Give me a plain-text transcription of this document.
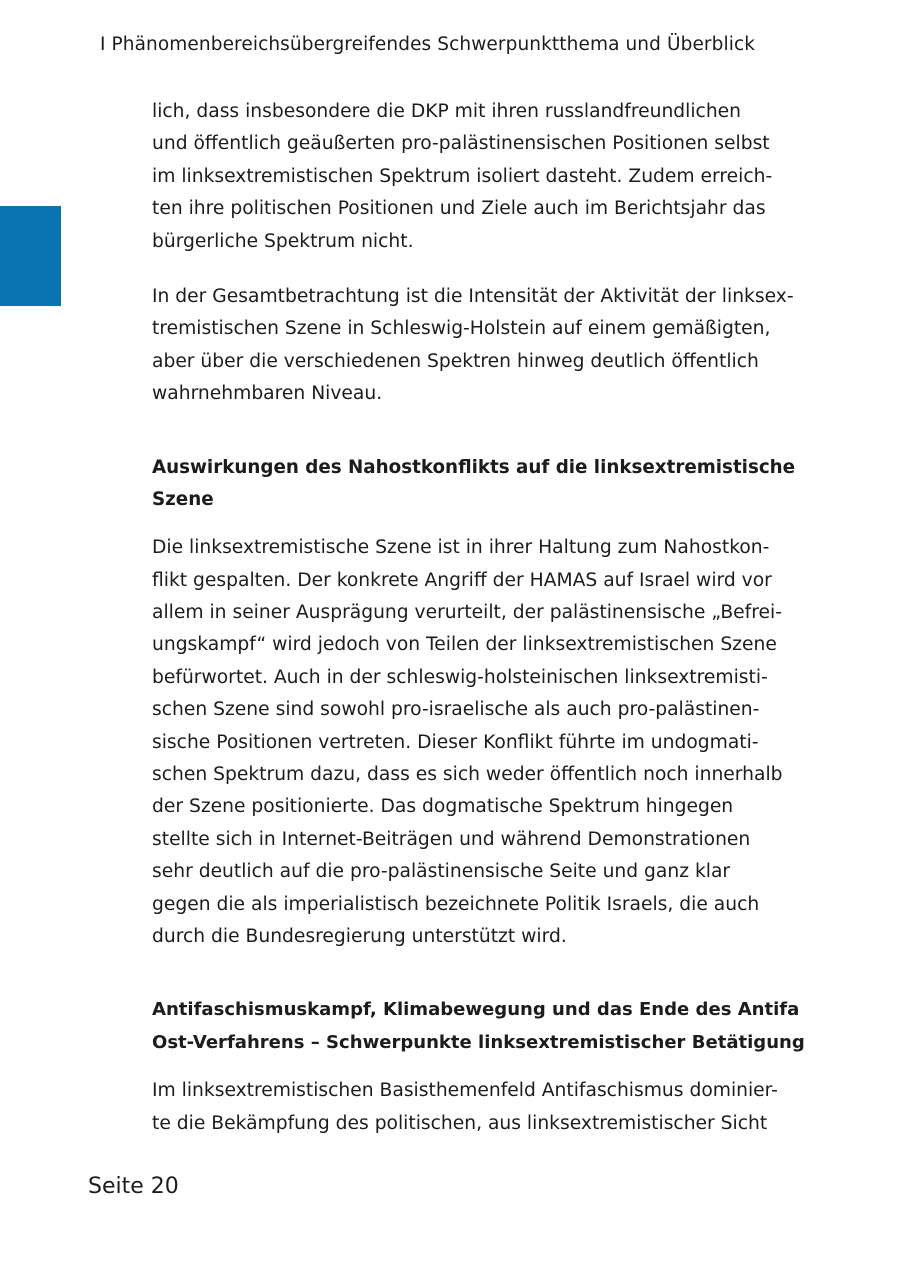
I Phänomenbereichsübergreifendes Schwerpunktthema und Überblick
lich, dass insbesondere die DKP mit ihren russlandfreundlichen
und öffentlich geäußerten pro-palästinensischen Positionen selbst
im linksextremistischen Spektrum isoliert dasteht. Zudem erreich-
ten ihre politischen Positionen und Ziele auch im Berichtsjahr das
bürgerliche Spektrum nicht.
In der Gesamtbetrachtung ist die Intensität der Aktivität der linksex-
tremistischen Szene in Schleswig-Holstein auf einem gemäßigten,
aber über die verschiedenen Spektren hinweg deutlich öffentlich
wahrnehmbaren Niveau.
Auswirkungen des Nahostkonflikts auf die linksextremistische
Szene
Die linksextremistische Szene ist in ihrer Haltung zum Nahostkon-
flikt gespalten. Der konkrete Angriff der HAMAS auf Israel wird vor
allem in seiner Ausprägung verurteilt, der palästinensische „Befrei-
ungskampf“ wird jedoch von Teilen der linksextremistischen Szene
befürwortet. Auch in der schleswig-holsteinischen linksextremisti-
schen Szene sind sowohl pro-israelische als auch pro-palästinen-
sische Positionen vertreten. Dieser Konflikt führte im undogmati-
schen Spektrum dazu, dass es sich weder öffentlich noch innerhalb
der Szene positionierte. Das dogmatische Spektrum hingegen
stellte sich in Internet-Beiträgen und während Demonstrationen
sehr deutlich auf die pro-palästinensische Seite und ganz klar
gegen die als imperialistisch bezeichnete Politik Israels, die auch
durch die Bundesregierung unterstützt wird.
Antifaschismuskampf, Klimabewegung und das Ende des Antifa
Ost-Verfahrens – Schwerpunkte linksextremistischer Betätigung
Im linksextremistischen Basisthemenfeld Antifaschismus dominier-
te die Bekämpfung des politischen, aus linksextremistischer Sicht
Seite 20
